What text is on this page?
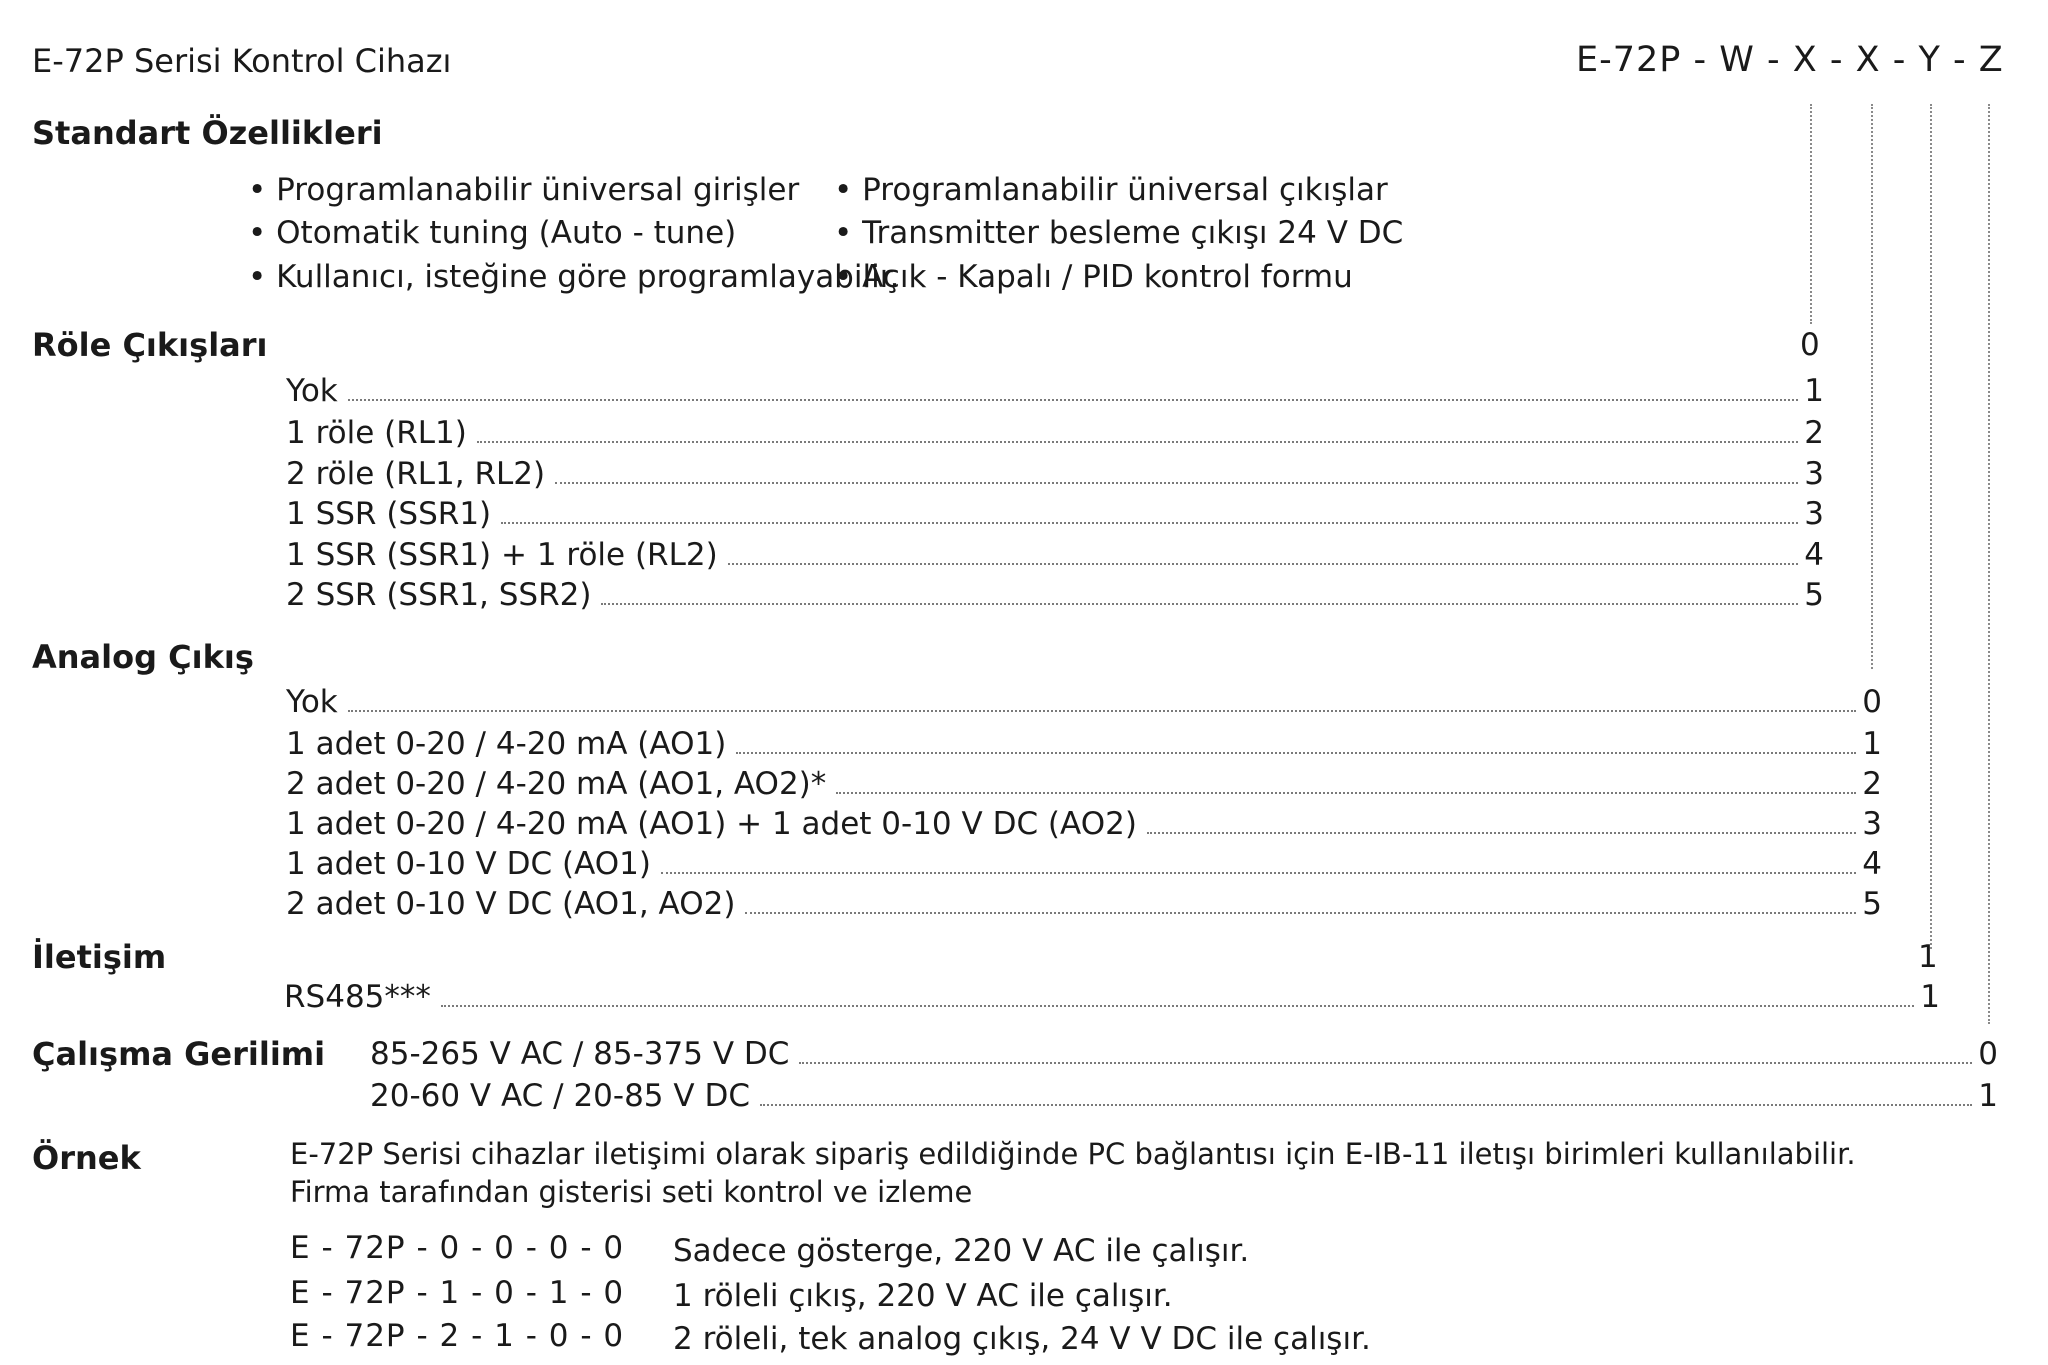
E-72P Serisi Kontrol Cihazı	E-72P - W - X - X - Y - Z
Standart Özellikleri
• Programlanabilir üniversal girişler
• Otomatik tuning (Auto - tune)
• Kullanıcı, isteğine göre programlayabilir.
• Programlanabilir üniversal çıkışlar
• Transmitter besleme çıkışı 24 V DC
• Açık - Kapalı / PID kontrol formu
Röle Çıkışları	0
Yok	1
1 röle (RL1)	2
2 röle (RL1, RL2)	3
1 SSR (SSR1)	3
1 SSR (SSR1) + 1 röle (RL2)	4
2 SSR (SSR1, SSR2)	5
Analog Çıkış
Yok	0
1 adet 0-20 / 4-20 mA (AO1)	1
2 adet 0-20 / 4-20 mA (AO1, AO2)*	2
1 adet 0-20 / 4-20 mA (AO1) + 1 adet 0-10 V DC (AO2)	3
1 adet 0-10 V DC (AO1)	4
2 adet 0-10 V DC (AO1, AO2)	5
İletişim	1
RS485***	1
Çalışma Gerilimi 85-265 V AC / 85-375 V DC	0
20-60 V AC / 20-85 V DC	1
Örnek	E-72P Serisi cihazlar iletişimi olarak sipariş edildiğinde PC bağlantısı için E-IB-11 iletışı birimleri kullanılabilir.
Firma tarafından gisterisi seti kontrol ve izleme
E - 72P - 0 - 0 - 0 - 0 Sadece gösterge, 220 V AC ile çalışır.
E - 72P - 1 - 0 - 1 - 0 1 röleli çıkış, 220 V AC ile çalışır.
E - 72P - 2 - 1 - 0 - 0 2 röleli, tek analog çıkış, 24 V V DC ile çalışır.
